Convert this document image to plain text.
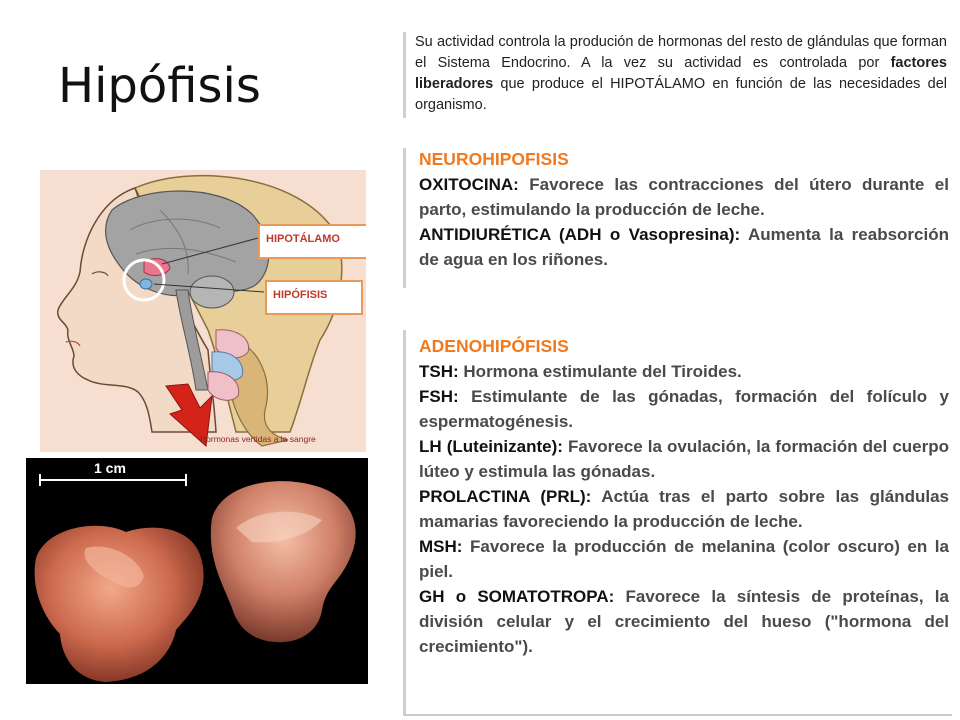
Hipófisis
HIPOTÁLAMO
HIPÓFISIS
Hormonas vertidas a la sangre
1 cm

Su actividad controla la produción de hormonas del resto de glándulas que forman el Sistema Endocrino. A la vez su actividad es controlada por factores liberadores que produce el HIPOTÁLAMO en función de las necesidades del organismo.

NEUROHIPOFISIS

OXITOCINA: Favorece las contracciones del útero durante el parto, estimulando la producción de leche.

ANTIDIURÉTICA (ADH o Vasopresina): Aumenta la reabsorción de agua en los riñones.

ADENOHIPÓFISIS

TSH: Hormona estimulante del Tiroides.

FSH: Estimulante de las gónadas, formación del folículo y espermatogénesis.

LH (Luteinizante): Favorece la ovulación, la formación del cuerpo lúteo y estimula las gónadas.

PROLACTINA (PRL): Actúa tras el parto sobre las glándulas mamarias favoreciendo la producción de leche.

MSH: Favorece la producción de melanina (color oscuro) en la piel.

GH o SOMATOTROPA: Favorece la síntesis de proteínas, la división celular y el crecimiento del hueso ("hormona del crecimiento").
